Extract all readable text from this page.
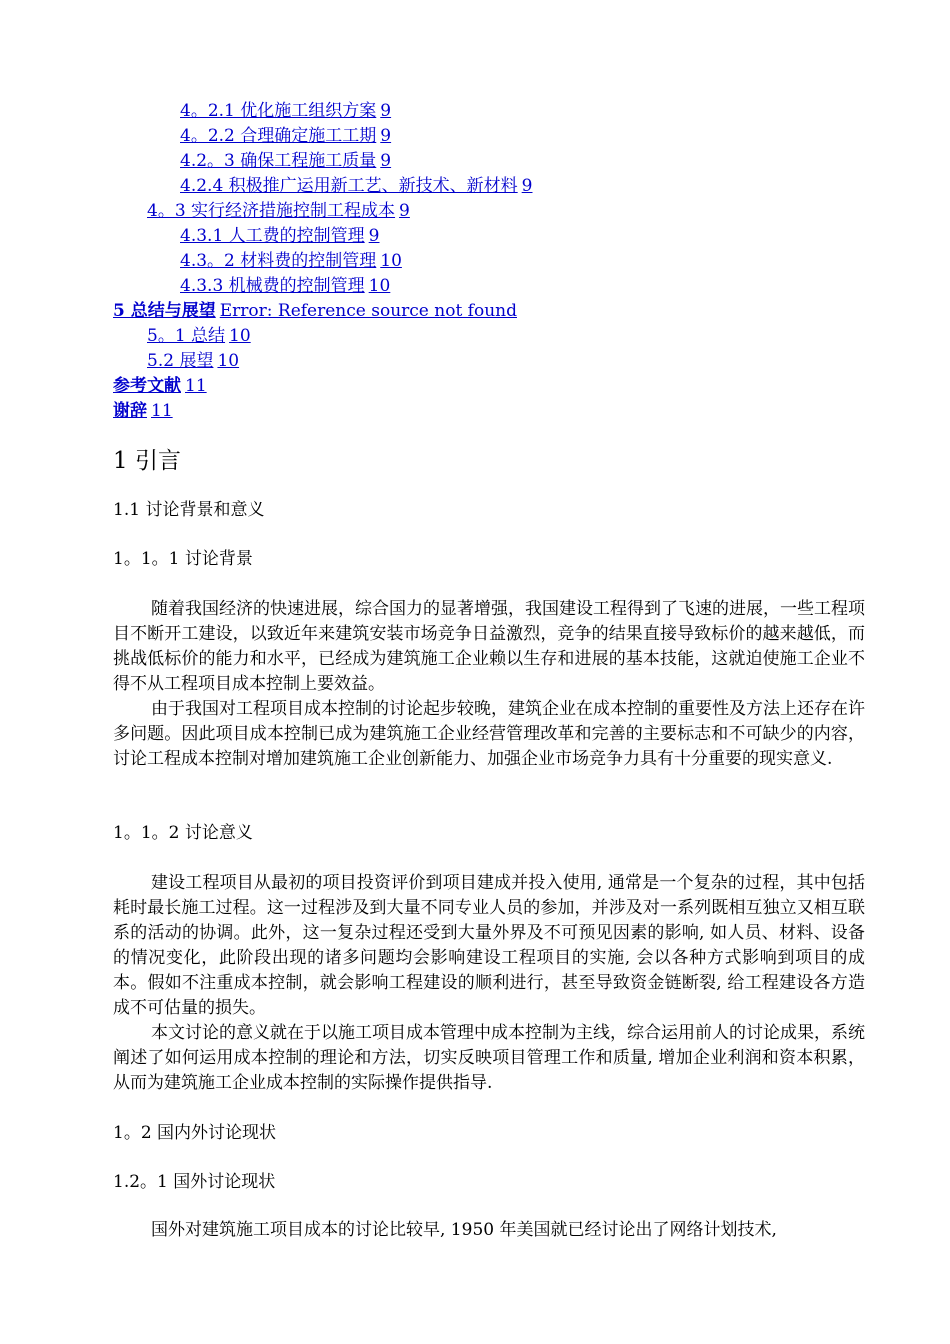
4。2.1 优化施工组织方案 9
4。2.2 合理确定施工工期 9
4.2。3 确保工程施工质量 9
4.2.4 积极推广运用新工艺、新技术、新材料 9
4。3 实行经济措施控制工程成本 9
4.3.1 人工费的控制管理 9
4.3。2 材料费的控制管理 10
4.3.3 机械费的控制管理 10
5 总结与展望 Error: Reference source not found
5。1 总结 10
5.2 展望 10
参考文献 11
谢辞 11
1 引言
1.1 讨论背景和意义
1。1。1 讨论背景

随着我国经济的快速进展，综合国力的显著增强，我国建设工程得到了飞速的进展，一些工程项目不断开工建设，以致近年来建筑安装市场竞争日益激烈，竞争的结果直接导致标价的越来越低，而挑战低标价的能力和水平，已经成为建筑施工企业赖以生存和进展的基本技能，这就迫使施工企业不得不从工程项目成本控制上要效益。

由于我国对工程项目成本控制的讨论起步较晚，建筑企业在成本控制的重要性及方法上还存在许多问题。因此项目成本控制已成为建筑施工企业经营管理改革和完善的主要标志和不可缺少的内容，讨论工程成本控制对增加建筑施工企业创新能力、加强企业市场竞争力具有十分重要的现实意义.

1。1。2 讨论意义

建设工程项目从最初的项目投资评价到项目建成并投入使用, 通常是一个复杂的过程，其中包括耗时最长施工过程。这一过程涉及到大量不同专业人员的参加，并涉及对一系列既相互独立又相互联系的活动的协调。此外，这一复杂过程还受到大量外界及不可预见因素的影响, 如人员、材料、设备的情况变化，此阶段出现的诸多问题均会影响建设工程项目的实施, 会以各种方式影响到项目的成本。假如不注重成本控制，就会影响工程建设的顺利进行，甚至导致资金链断裂, 给工程建设各方造成不可估量的损失。

本文讨论的意义就在于以施工项目成本管理中成本控制为主线，综合运用前人的讨论成果，系统阐述了如何运用成本控制的理论和方法，切实反映项目管理工作和质量, 增加企业利润和资本积累，从而为建筑施工企业成本控制的实际操作提供指导.

1。2 国内外讨论现状
1.2。1 国外讨论现状

国外对建筑施工项目成本的讨论比较早, 1950 年美国就已经讨论出了网络计划技术,
